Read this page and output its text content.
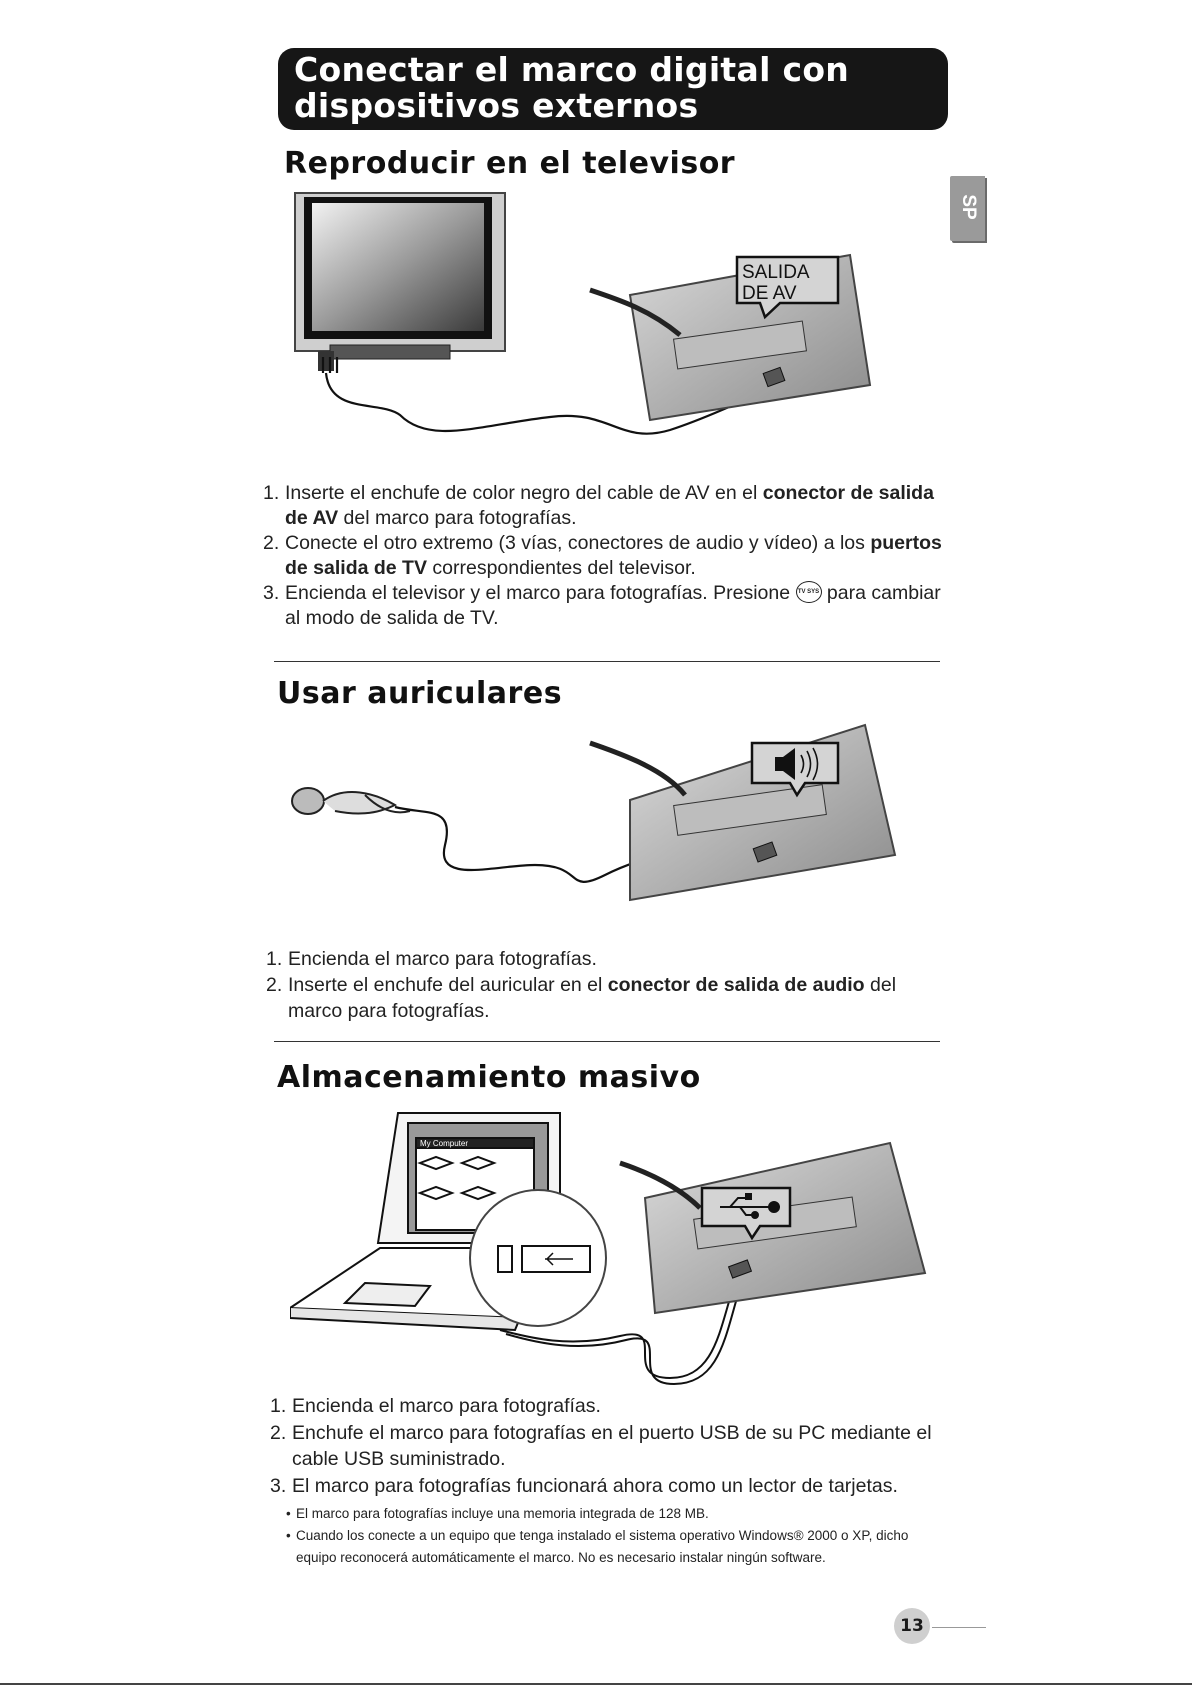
Conectar el marco digital con dispositivos externos
SP
Reproducir en el televisor
SALIDA
DE AV
1. Inserte el enchufe de color negro del cable de AV en el conector de salida de AV del marco para fotografías.
2. Conecte el otro extremo (3 vías, conectores de audio y vídeo) a los puertos de salida de TV correspondientes del televisor.
3. Encienda el televisor y el marco para fotografías. Presione TV SYS para cambiar al modo de salida de TV.
Usar auriculares
1. Encienda el marco para fotografías.
2. Inserte el enchufe del auricular en el conector de salida de audio del marco para fotografías.
Almacenamiento masivo
My Computer
1. Encienda el marco para fotografías.
2. Enchufe el marco para fotografías en el puerto USB de su PC mediante el cable USB suministrado.
3. El marco para fotografías funcionará ahora como un lector de tarjetas.
• El marco para fotografías incluye una memoria integrada de 128 MB.
• Cuando los conecte a un equipo que tenga instalado el sistema operativo Windows® 2000 o XP, dicho equipo reconocerá automáticamente el marco. No es necesario instalar ningún software.
13
